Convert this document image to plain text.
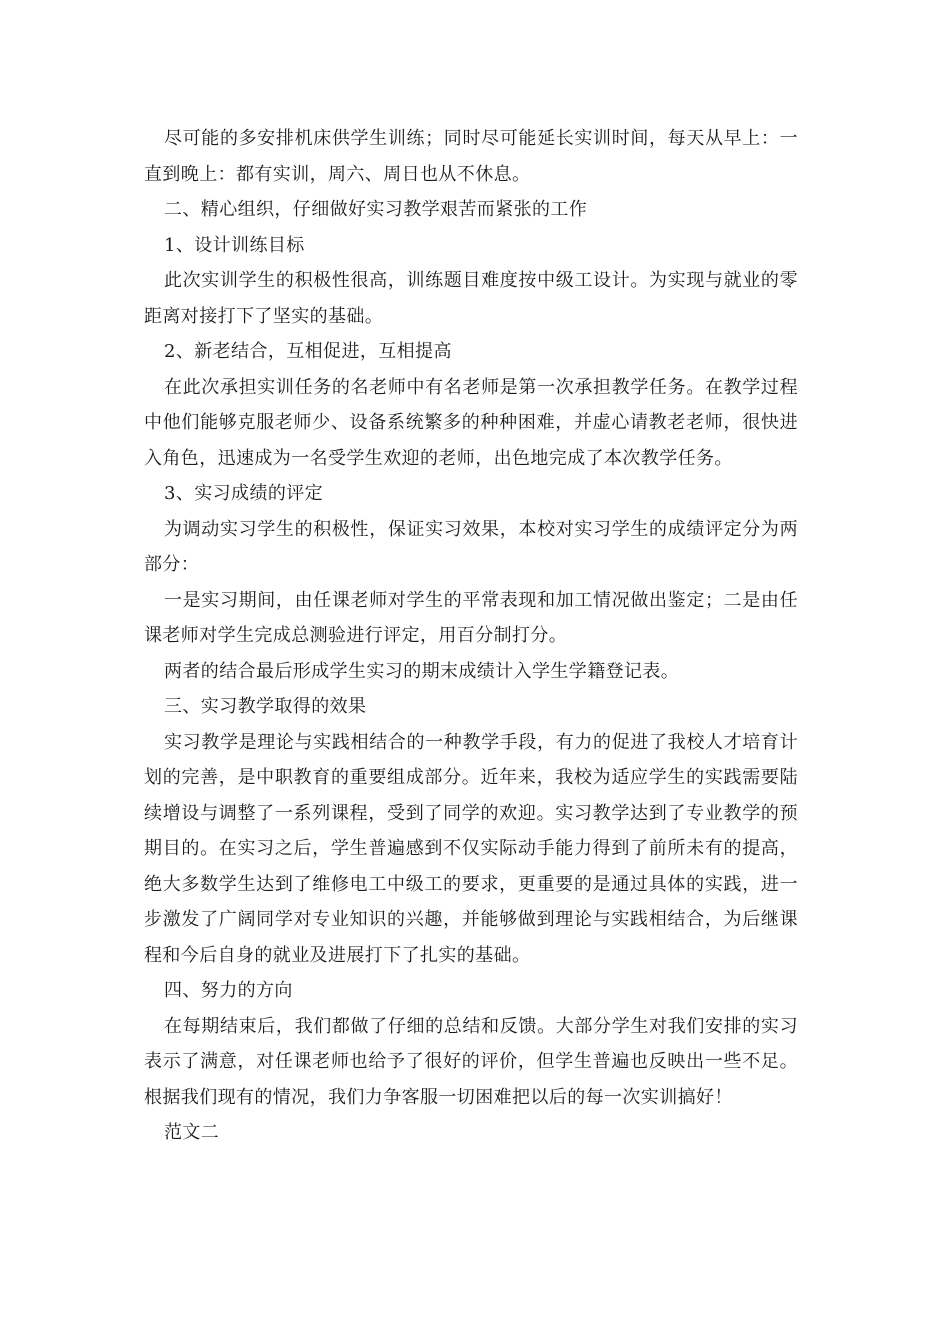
尽可能的多安排机床供学生训练；同时尽可能延长实训时间，每天从早上：一直到晚上：都有实训，周六、周日也从不休息。

二、精心组织，仔细做好实习教学艰苦而紧张的工作

1、设计训练目标

此次实训学生的积极性很高，训练题目难度按中级工设计。为实现与就业的零距离对接打下了坚实的基础。

2、新老结合，互相促进，互相提高

在此次承担实训任务的名老师中有名老师是第一次承担教学任务。在教学过程中他们能够克服老师少、设备系统繁多的种种困难，并虚心请教老老师，很快进入角色，迅速成为一名受学生欢迎的老师，出色地完成了本次教学任务。

3、实习成绩的评定

为调动实习学生的积极性，保证实习效果，本校对实习学生的成绩评定分为两部分：

一是实习期间，由任课老师对学生的平常表现和加工情况做出鉴定；二是由任课老师对学生完成总测验进行评定，用百分制打分。

两者的结合最后形成学生实习的期末成绩计入学生学籍登记表。

三、实习教学取得的效果

实习教学是理论与实践相结合的一种教学手段，有力的促进了我校人才培育计划的完善，是中职教育的重要组成部分。近年来，我校为适应学生的实践需要陆续增设与调整了一系列课程，受到了同学的欢迎。实习教学达到了专业教学的预期目的。在实习之后，学生普遍感到不仅实际动手能力得到了前所未有的提高，绝大多数学生达到了维修电工中级工的要求，更重要的是通过具体的实践，进一步激发了广阔同学对专业知识的兴趣，并能够做到理论与实践相结合，为后继课程和今后自身的就业及进展打下了扎实的基础。

四、努力的方向

在每期结束后，我们都做了仔细的总结和反馈。大部分学生对我们安排的实习表示了满意，对任课老师也给予了很好的评价，但学生普遍也反映出一些不足。根据我们现有的情况，我们力争客服一切困难把以后的每一次实训搞好！

范文二
